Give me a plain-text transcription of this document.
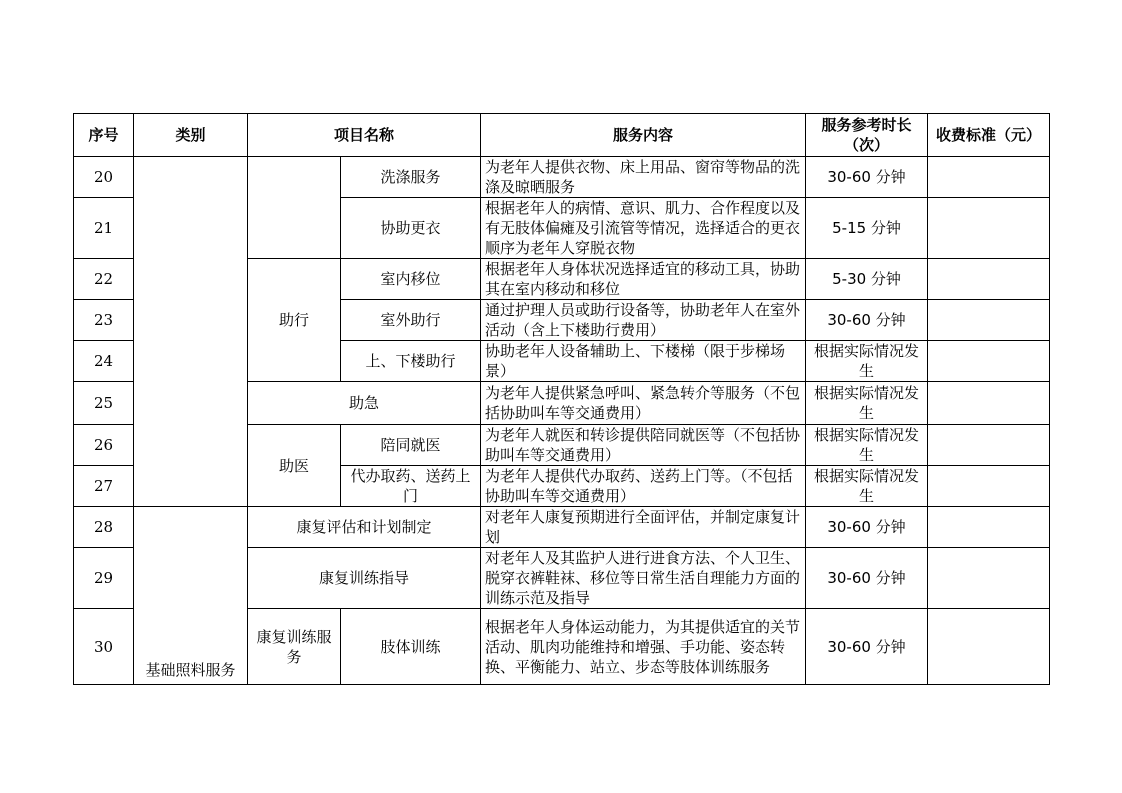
序号	类别	项目名称		服务内容	服务参考时长（次）	收费标准（元）
20			洗涤服务	为老年人提供衣物、床上用品、窗帘等物品的洗涤及晾晒服务	30-60 分钟	
21			协助更衣	根据老年人的病情、意识、肌力、合作程度以及有无肢体偏瘫及引流管等情况，选择适合的更衣顺序为老年人穿脱衣物	5-15 分钟	
22		助行	室内移位	根据老年人身体状况选择适宜的移动工具，协助其在室内移动和移位	5-30 分钟	
23			室外助行	通过护理人员或助行设备等，协助老年人在室外活动（含上下楼助行费用）	30-60 分钟	
24			上、下楼助行	协助老年人设备辅助上、下楼梯（限于步梯场景）	根据实际情况发生	
25		助急		为老年人提供紧急呼叫、紧急转介等服务（不包括协助叫车等交通费用）	根据实际情况发生	
26		助医	陪同就医	为老年人就医和转诊提供陪同就医等（不包括协助叫车等交通费用）	根据实际情况发生	
27			代办取药、送药上门	为老年人提供代办取药、送药上门等。（不包括协助叫车等交通费用）	根据实际情况发生	
28	基础照料服务	康复评估和计划制定		对老年人康复预期进行全面评估，并制定康复计划	30-60 分钟	
29		康复训练指导		对老年人及其监护人进行进食方法、个人卫生、脱穿衣裤鞋袜、移位等日常生活自理能力方面的训练示范及指导	30-60 分钟	
30		康复训练服务	肢体训练	根据老年人身体运动能力，为其提供适宜的关节活动、肌肉功能维持和增强、手功能、姿态转换、平衡能力、站立、步态等肢体训练服务	30-60 分钟	
